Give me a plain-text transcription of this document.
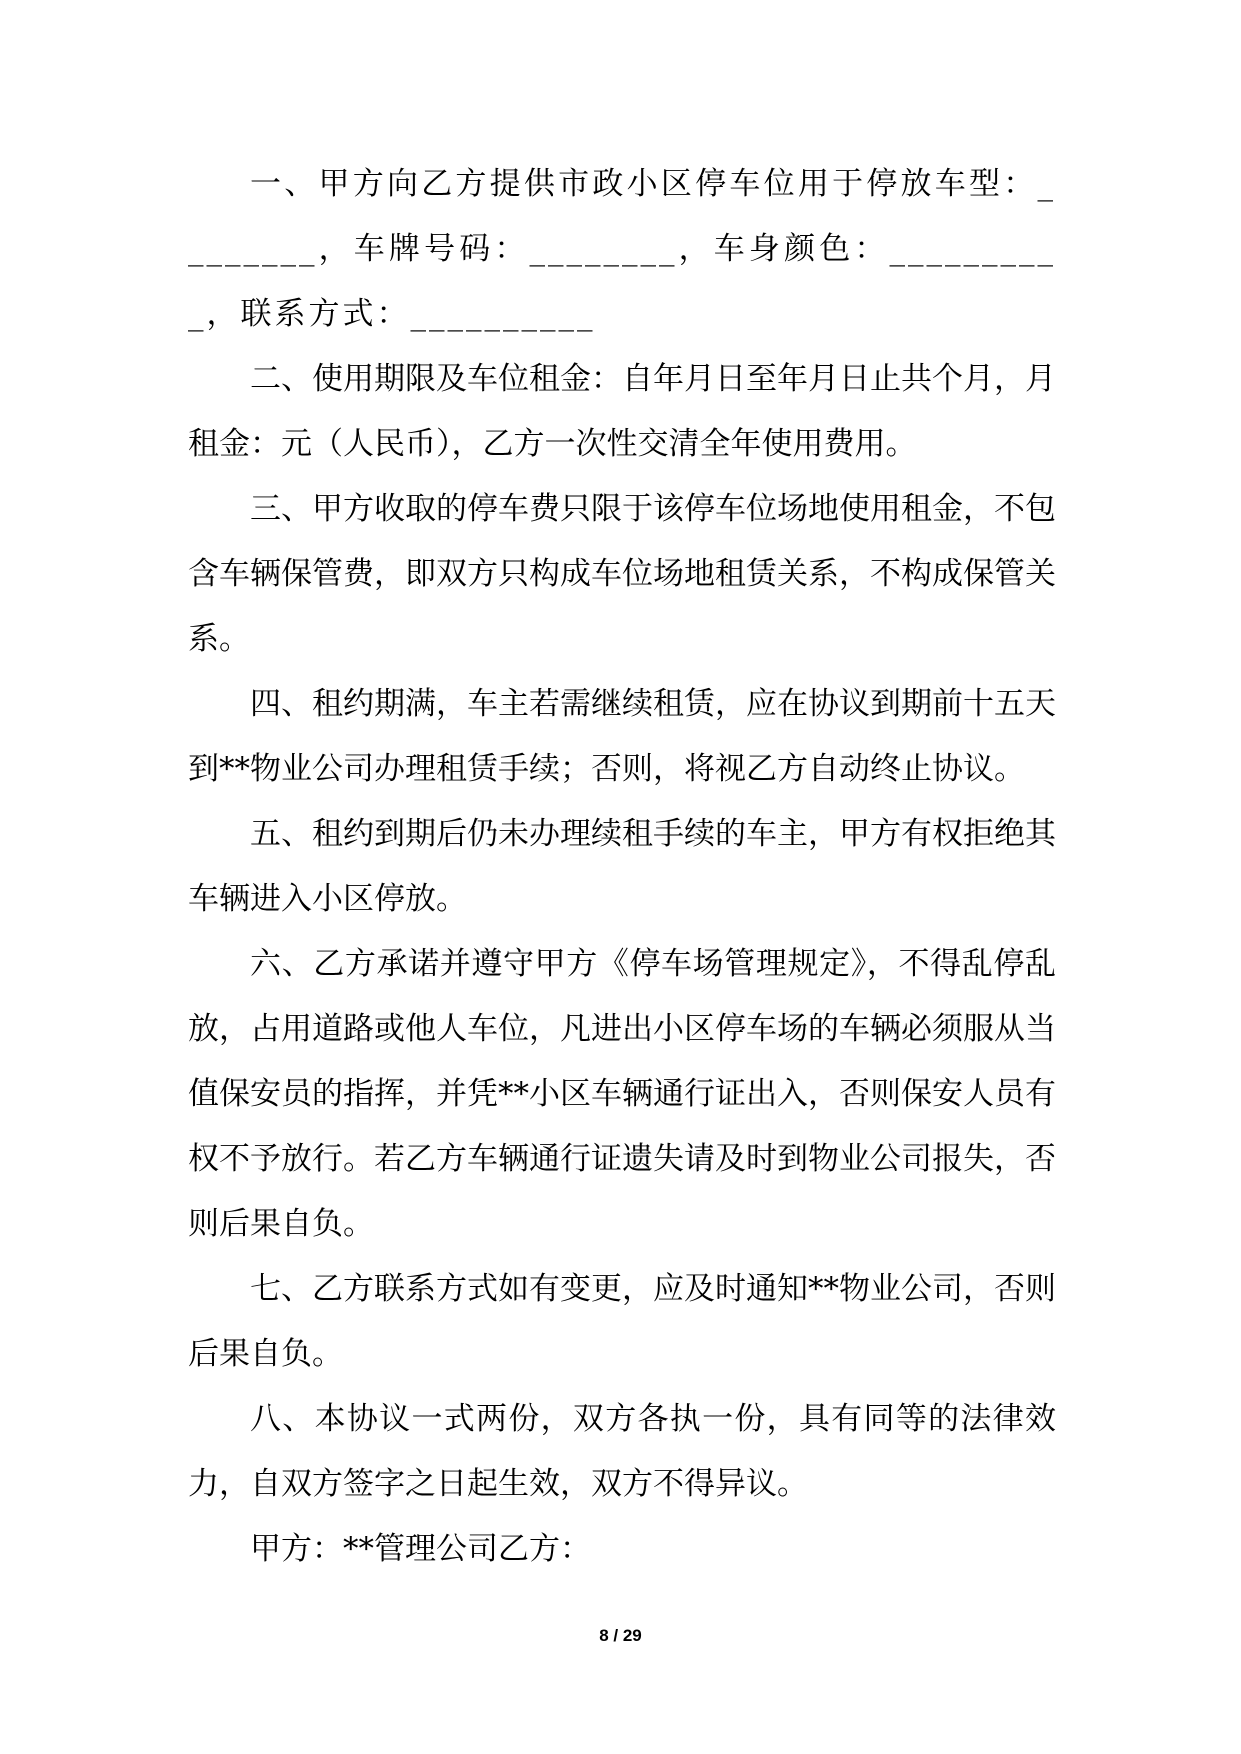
一、甲方向乙方提供市政小区停车位用于停放车型：________，车牌号码：________，车身颜色：__________，联系方式：__________

二、使用期限及车位租金：自年月日至年月日止共个月，月租金：元（人民币），乙方一次性交清全年使用费用。

三、甲方收取的停车费只限于该停车位场地使用租金，不包含车辆保管费，即双方只构成车位场地租赁关系，不构成保管关系。

四、租约期满，车主若需继续租赁，应在协议到期前十五天到**物业公司办理租赁手续；否则，将视乙方自动终止协议。

五、租约到期后仍未办理续租手续的车主，甲方有权拒绝其车辆进入小区停放。

六、乙方承诺并遵守甲方《停车场管理规定》，不得乱停乱放，占用道路或他人车位，凡进出小区停车场的车辆必须服从当值保安员的指挥，并凭**小区车辆通行证出入，否则保安人员有权不予放行。若乙方车辆通行证遗失请及时到物业公司报失，否则后果自负。

七、乙方联系方式如有变更，应及时通知**物业公司，否则后果自负。

八、本协议一式两份，双方各执一份，具有同等的法律效力，自双方签字之日起生效，双方不得异议。

甲方：**管理公司乙方：

8 / 29
